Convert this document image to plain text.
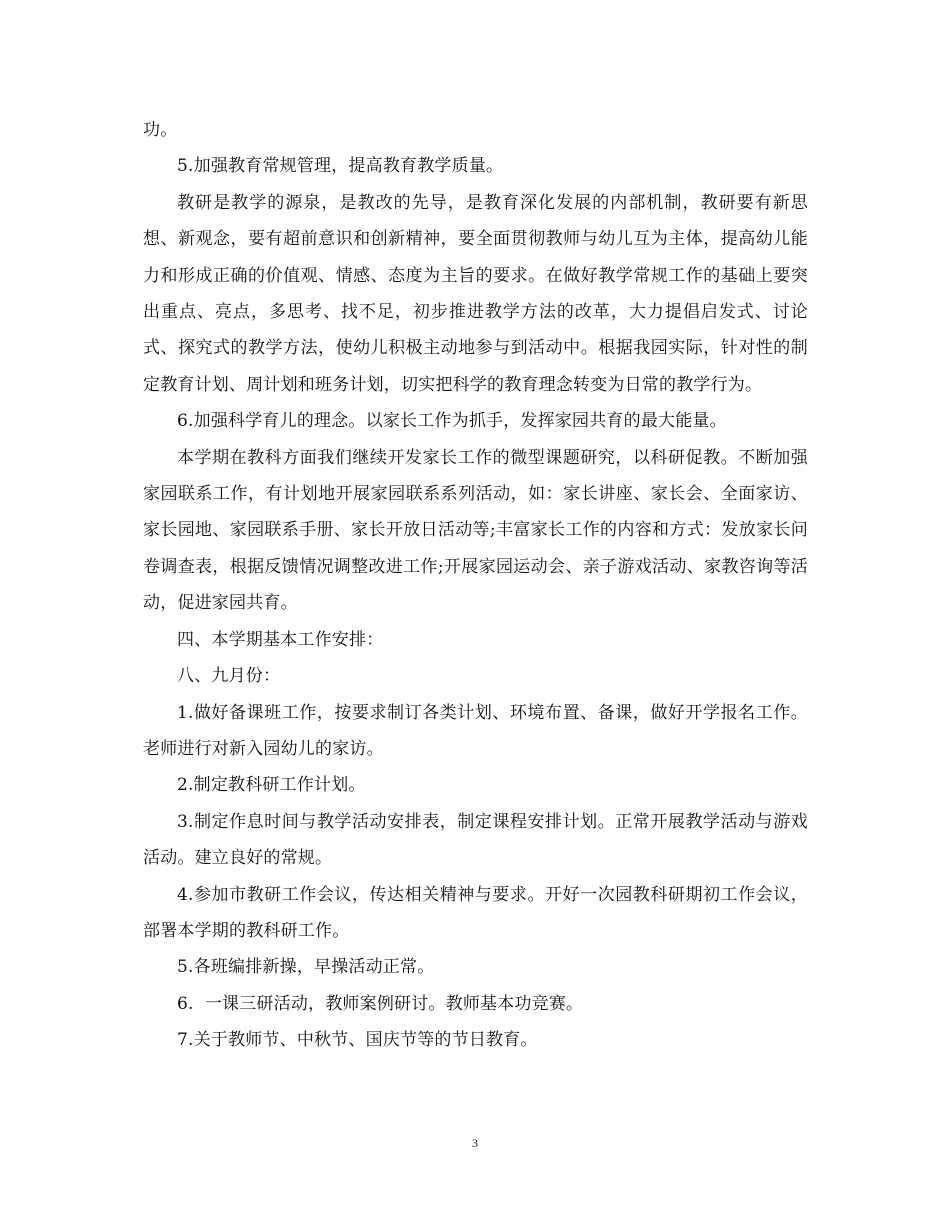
功。

5.加强教育常规管理，提高教育教学质量。

教研是教学的源泉，是教改的先导，是教育深化发展的内部机制，教研要有新思想、新观念，要有超前意识和创新精神，要全面贯彻教师与幼儿互为主体，提高幼儿能力和形成正确的价值观、情感、态度为主旨的要求。在做好教学常规工作的基础上要突出重点、亮点，多思考、找不足，初步推进教学方法的改革，大力提倡启发式、讨论式、探究式的教学方法，使幼儿积极主动地参与到活动中。根据我园实际，针对性的制定教育计划、周计划和班务计划，切实把科学的教育理念转变为日常的教学行为。

6.加强科学育儿的理念。以家长工作为抓手，发挥家园共育的最大能量。

本学期在教科方面我们继续开发家长工作的微型课题研究，以科研促教。不断加强家园联系工作，有计划地开展家园联系系列活动，如：家长讲座、家长会、全面家访、家长园地、家园联系手册、家长开放日活动等;丰富家长工作的内容和方式：发放家长问卷调查表，根据反馈情况调整改进工作;开展家园运动会、亲子游戏活动、家教咨询等活动，促进家园共育。

四、本学期基本工作安排：

八、九月份：

1.做好备课班工作，按要求制订各类计划、环境布置、备课，做好开学报名工作。老师进行对新入园幼儿的家访。

2.制定教科研工作计划。

3.制定作息时间与教学活动安排表，制定课程安排计划。正常开展教学活动与游戏活动。建立良好的常规。

4.参加市教研工作会议，传达相关精神与要求。开好一次园教科研期初工作会议，部署本学期的教科研工作。

5.各班编排新操，早操活动正常。

6.  一课三研活动，教师案例研讨。教师基本功竞赛。

7.关于教师节、中秋节、国庆节等的节日教育。

3
